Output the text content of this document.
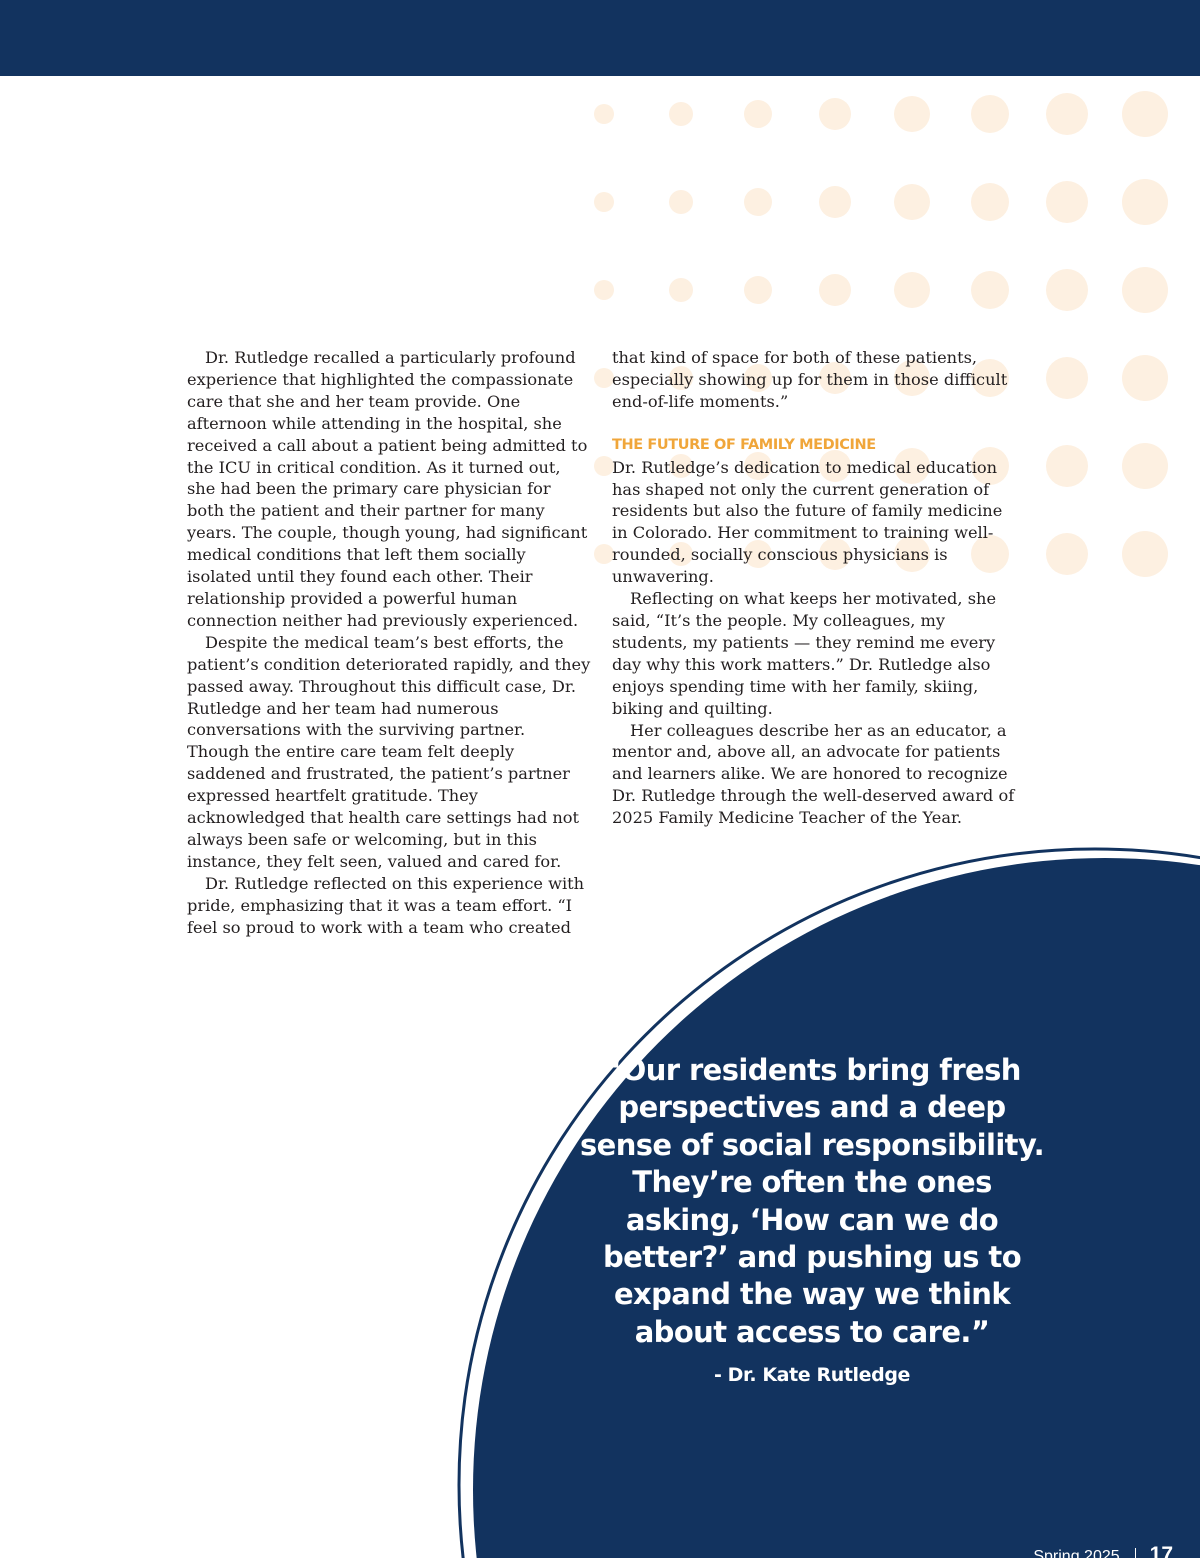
Dr. Rutledge recalled a particularly profound experience that highlighted the compassionate care that she and her team provide. One afternoon while attending in the hospital, she received a call about a patient being admitted to the ICU in critical condition. As it turned out, she had been the primary care physician for both the patient and their partner for many years. The couple, though young, had significant medical conditions that left them socially isolated until they found each other. Their relationship provided a powerful human connection neither had previously experienced.

Despite the medical team’s best efforts, the patient’s condition deteriorated rapidly, and they passed away. Throughout this difficult case, Dr. Rutledge and her team had numerous conversations with the surviving partner. Though the entire care team felt deeply saddened and frustrated, the patient’s partner expressed heartfelt gratitude. They acknowledged that health care settings had not always been safe or welcoming, but in this instance, they felt seen, valued and cared for.

Dr. Rutledge reflected on this experience with pride, emphasizing that it was a team effort. “I feel so proud to work with a team who created

that kind of space for both of these patients, especially showing up for them in those difficult end-of-life moments.”

THE FUTURE OF FAMILY MEDICINE

Dr. Rutledge’s dedication to medical education has shaped not only the current generation of residents but also the future of family medicine in Colorado. Her commitment to training well-rounded, socially conscious physicians is unwavering.

Reflecting on what keeps her motivated, she said, “It’s the people. My colleagues, my students, my patients — they remind me every day why this work matters.” Dr. Rutledge also enjoys spending time with her family, skiing, biking and quilting.

Her colleagues describe her as an educator, a mentor and, above all, an advocate for patients and learners alike. We are honored to recognize Dr. Rutledge through the well-deserved award of 2025 Family Medicine Teacher of the Year.

“Our residents bring fresh perspectives and a deep sense of social responsibility. They’re often the ones asking, ‘How can we do better?’ and pushing us to expand the way we think about access to care.”

- Dr. Kate Rutledge
Spring 2025 17
